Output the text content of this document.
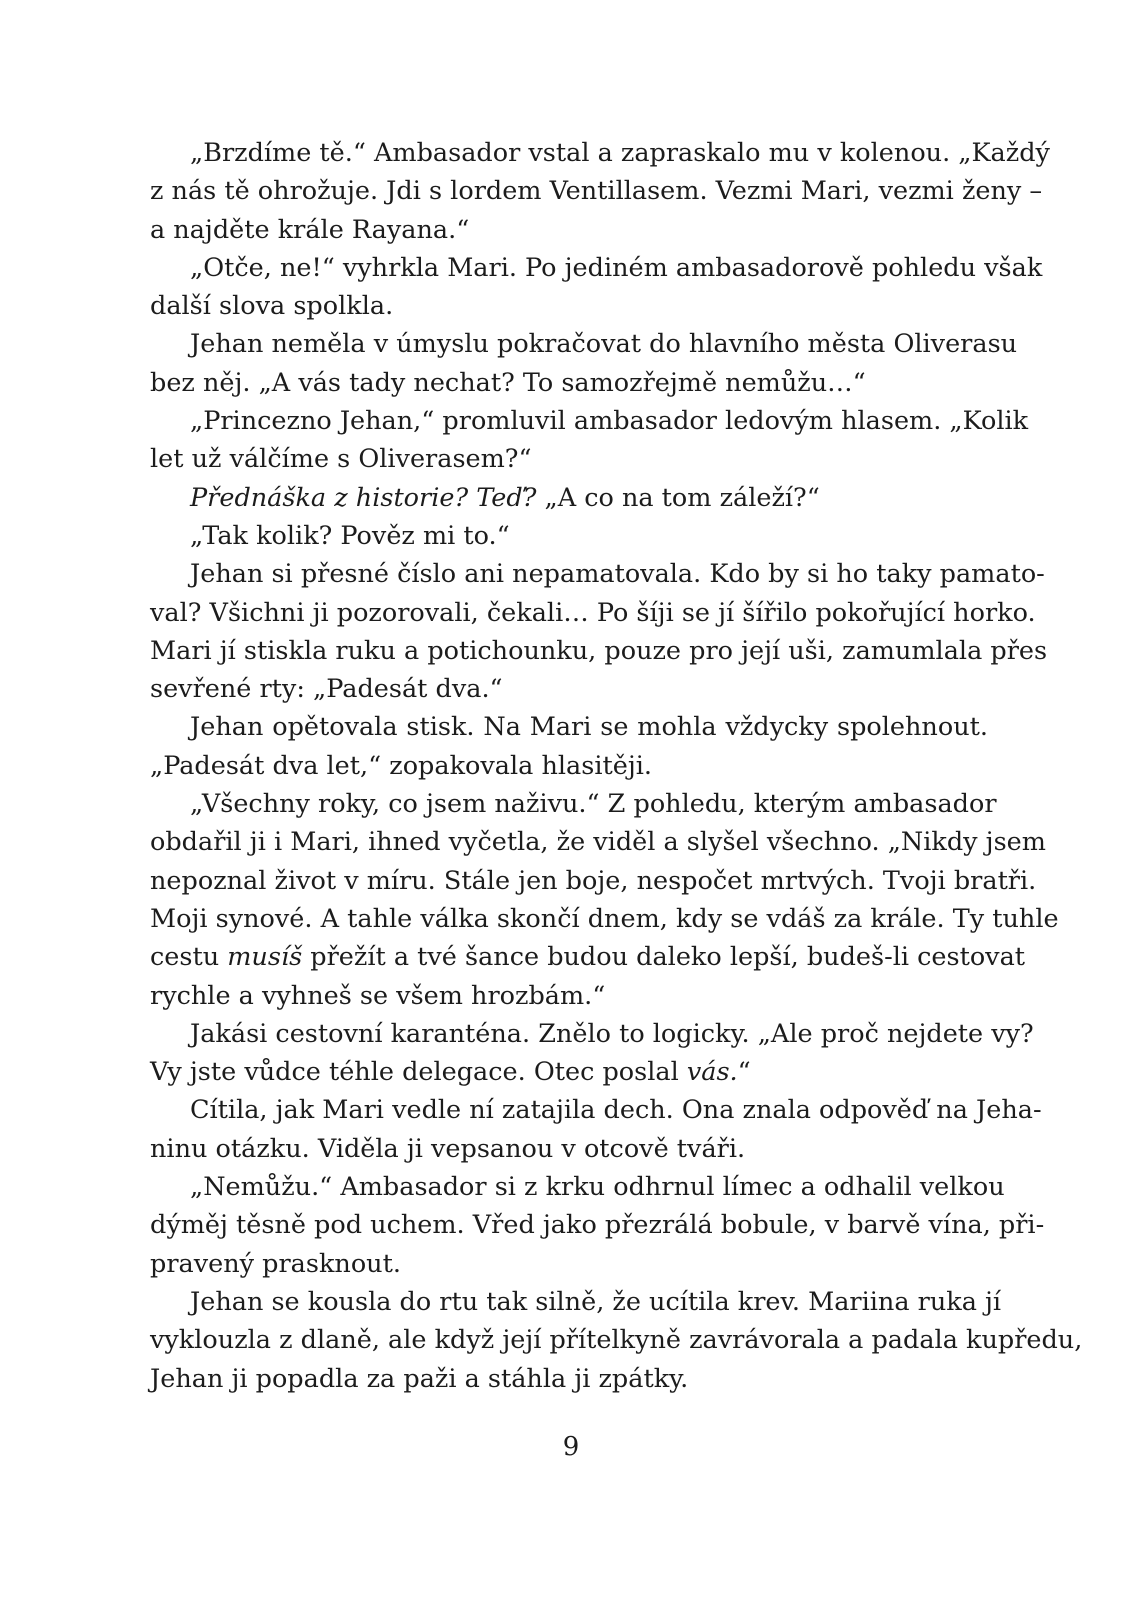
„Brzdíme tě.“ Ambasador vstal a zapraskalo mu v kolenou. „Každý
z nás tě ohrožuje. Jdi s lordem Ventillasem. Vezmi Mari, vezmi ženy –
a najděte krále Rayana.“
„Otče, ne!“ vyhrkla Mari. Po jediném ambasadorově pohledu však
další slova spolkla.
Jehan neměla v úmyslu pokračovat do hlavního města Oliverasu
bez něj. „A vás tady nechat? To samozřejmě nemůžu…“
„Princezno Jehan,“ promluvil ambasador ledovým hlasem. „Kolik
let už válčíme s Oliverasem?“
Přednáška z historie? Teď? „A co na tom záleží?“
„Tak kolik? Pověz mi to.“
Jehan si přesné číslo ani nepamatovala. Kdo by si ho taky pamato-
val? Všichni ji pozorovali, čekali… Po šíji se jí šířilo pokořující horko.
Mari jí stiskla ruku a potichounku, pouze pro její uši, zamumlala přes
sevřené rty: „Padesát dva.“
Jehan opětovala stisk. Na Mari se mohla vždycky spolehnout.
„Padesát dva let,“ zopakovala hlasitěji.
„Všechny roky, co jsem naživu.“ Z pohledu, kterým ambasador
obdařil ji i Mari, ihned vyčetla, že viděl a slyšel všechno. „Nikdy jsem
nepoznal život v míru. Stále jen boje, nespočet mrtvých. Tvoji bratři.
Moji synové. A tahle válka skončí dnem, kdy se vdáš za krále. Ty tuhle
cestu musíš přežít a tvé šance budou daleko lepší, budeš-li cestovat
rychle a vyhneš se všem hrozbám.“
Jakási cestovní karanténa. Znělo to logicky. „Ale proč nejdete vy?
Vy jste vůdce téhle delegace. Otec poslal vás.“
Cítila, jak Mari vedle ní zatajila dech. Ona znala odpověď na Jeha-
ninu otázku. Viděla ji vepsanou v otcově tváři.
„Nemůžu.“ Ambasador si z krku odhrnul límec a odhalil velkou
dýměj těsně pod uchem. Vřed jako přezrálá bobule, v barvě vína, při-
pravený prasknout.
Jehan se kousla do rtu tak silně, že ucítila krev. Mariina ruka jí
vyklouzla z dlaně, ale když její přítelkyně zavrávorala a padala kupředu,
Jehan ji popadla za paži a stáhla ji zpátky.
9
